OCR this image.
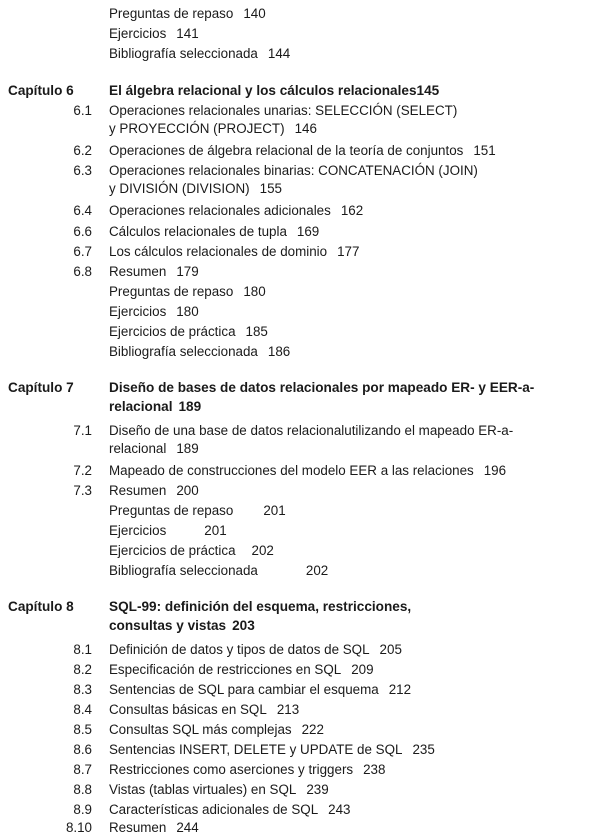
Preguntas de repaso 140
Ejercicios 141
Bibliografía seleccionada 144
Capítulo 6	El álgebra relacional y los cálculos relacionales145
6.1 Operaciones relacionales unarias: SELECCIÓN (SELECT)
y PROYECCIÓN (PROJECT) 146
6.2 Operaciones de álgebra relacional de la teoría de conjuntos 151
6.3 Operaciones relacionales binarias: CONCATENACIÓN (JOIN)
y DIVISIÓN (DIVISION) 155
6.4 Operaciones relacionales adicionales 162
6.6 Cálculos relacionales de tupla 169
6.7 Los cálculos relacionales de dominio 177
6.8 Resumen 179
Preguntas de repaso 180
Ejercicios 180
Ejercicios de práctica 185
Bibliografía seleccionada 186
Capítulo 7	Diseño de bases de datos relacionales por mapeado ER- y EER-a-
relacional 189
7.1 Diseño de una base de datos relacionalutilizando el mapeado ER-a-
relacional 189
7.2 Mapeado de construcciones del modelo EER a las relaciones 196
7.3 Resumen 200
Preguntas de repaso 201
Ejercicios	201
Ejercicios de práctica 202
Bibliografía seleccionada	202
Capítulo 8	SQL-99: definición del esquema, restricciones,
consultas y vistas 203
8.1 Definición de datos y tipos de datos de SQL 205
8.2 Especificación de restricciones en SQL 209
8.3 Sentencias de SQL para cambiar el esquema 212
8.4 Consultas básicas en SQL 213
8.5 Consultas SQL más complejas 222
8.6 Sentencias INSERT, DELETE y UPDATE de SQL 235
8.7 Restricciones como aserciones y triggers 238
8.8 Vistas (tablas virtuales) en SQL 239
8.9 Características adicionales de SQL 243
8.10 Resumen 244
